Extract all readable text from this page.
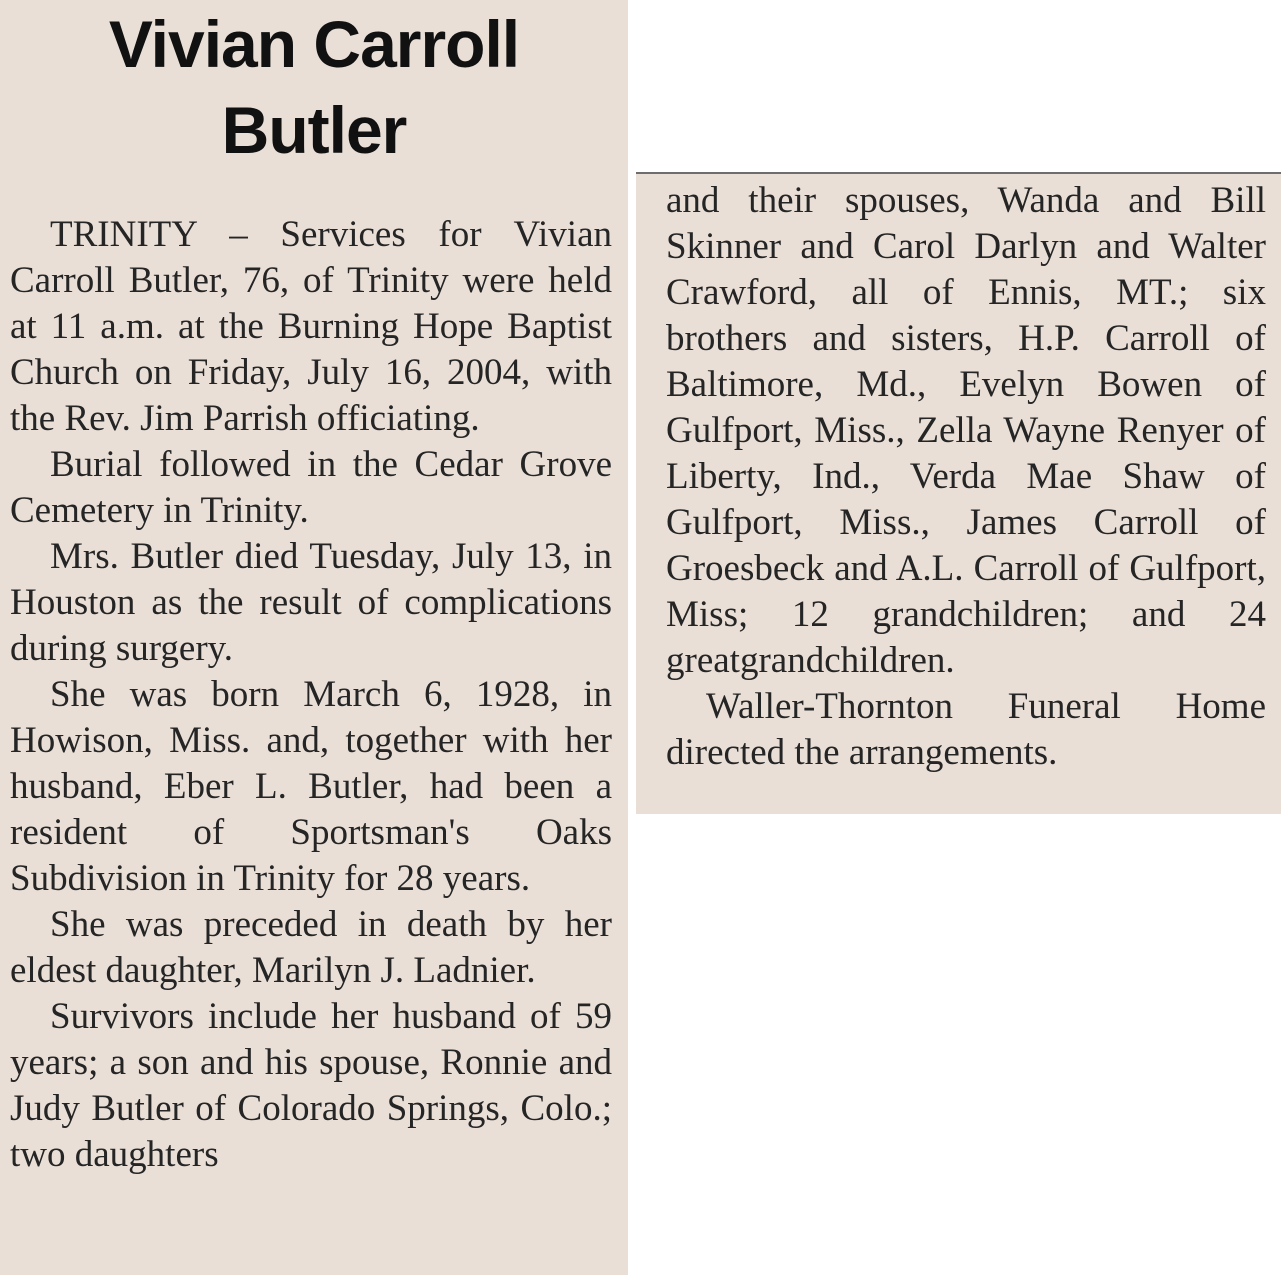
Vivian Carroll
Butler

TRINITY – Services for Vivian Carroll Butler, 76, of Trinity were held at 11 a.m. at the Burning Hope Baptist Church on Friday, July 16, 2004, with the Rev. Jim Parrish officiating.

Burial followed in the Cedar Grove Cemetery in Trinity.

Mrs. Butler died Tuesday, July 13, in Houston as the result of complications during surgery.

She was born March 6, 1928, in Howison, Miss. and, together with her husband, Eber L. Butler, had been a resident of Sportsman's Oaks Subdivision in Trinity for 28 years.

She was preceded in death by her eldest daughter, Marilyn J. Ladnier.

Survivors include her husband of 59 years; a son and his spouse, Ronnie and Judy Butler of Colorado Springs, Colo.; two daughters

and their spouses, Wanda and Bill Skinner and Carol Darlyn and Walter Crawford, all of Ennis, MT.; six brothers and sisters, H.P. Carroll of Baltimore, Md., Evelyn Bowen of Gulfport, Miss., Zella Wayne Renyer of Liberty, Ind., Verda Mae Shaw of Gulfport, Miss., James Carroll of Groesbeck and A.L. Carroll of Gulfport, Miss; 12 grandchildren; and 24 greatgrandchildren.

Waller-Thornton Funeral Home directed the arrangements.
